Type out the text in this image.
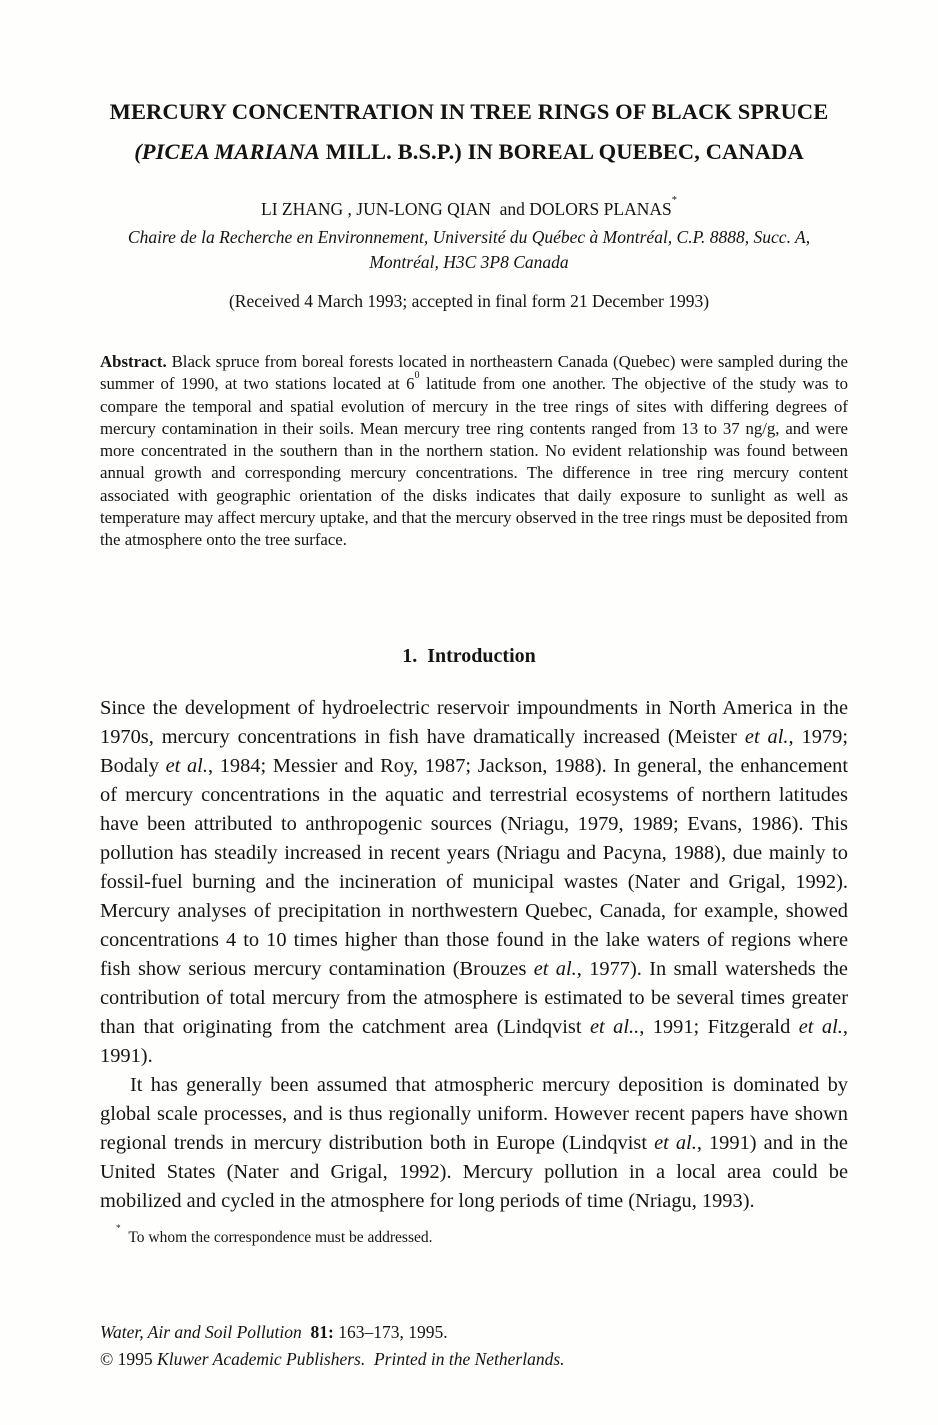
MERCURY CONCENTRATION IN TREE RINGS OF BLACK SPRUCE
(PICEA MARIANA MILL. B.S.P.) IN BOREAL QUEBEC, CANADA
LI ZHANG , JUN-LONG QIAN  and DOLORS PLANAS*
Chaire de la Recherche en Environnement, Université du Québec à Montréal, C.P. 8888, Succ. A,
Montréal, H3C 3P8 Canada
(Received 4 March 1993; accepted in final form 21 December 1993)

Abstract. Black spruce from boreal forests located in northeastern Canada (Quebec) were sampled during the summer of 1990, at two stations located at $6^0$ latitude from one another. The objective of the study was to compare the temporal and spatial evolution of mercury in the tree rings of sites with differing degrees of mercury contamination in their soils. Mean mercury tree ring contents ranged from 13 to 37 ng/g, and were more concentrated in the southern than in the northern station. No evident relationship was found between annual growth and corresponding mercury concentrations. The difference in tree ring mercury content associated with geographic orientation of the disks indicates that daily exposure to sunlight as well as temperature may affect mercury uptake, and that the mercury observed in the tree rings must be deposited from the atmosphere onto the tree surface.

1. Introduction

Since the development of hydroelectric reservoir impoundments in North America in the 1970s, mercury concentrations in fish have dramatically increased (Meister et al., 1979; Bodaly et al., 1984; Messier and Roy, 1987; Jackson, 1988). In general, the enhancement of mercury concentrations in the aquatic and terrestrial ecosystems of northern latitudes have been attributed to anthropogenic sources (Nriagu, 1979, 1989; Evans, 1986). This pollution has steadily increased in recent years (Nriagu and Pacyna, 1988), due mainly to fossil-fuel burning and the incineration of municipal wastes (Nater and Grigal, 1992). Mercury analyses of precipitation in northwestern Quebec, Canada, for example, showed concentrations 4 to 10 times higher than those found in the lake waters of regions where fish show serious mercury contamination (Brouzes et al., 1977). In small watersheds the contribution of total mercury from the atmosphere is estimated to be several times greater than that originating from the catchment area (Lindqvist et al.., 1991; Fitzgerald et al., 1991).

It has generally been assumed that atmospheric mercury deposition is dominated by global scale processes, and is thus regionally uniform. However recent papers have shown regional trends in mercury distribution both in Europe (Lindqvist et al., 1991) and in the United States (Nater and Grigal, 1992). Mercury pollution in a local area could be mobilized and cycled in the atmosphere for long periods of time (Nriagu, 1993).

*  To whom the correspondence must be addressed.
Water, Air and Soil Pollution 81: 163–173, 1995.
© 1995 Kluwer Academic Publishers.  Printed in the Netherlands.
